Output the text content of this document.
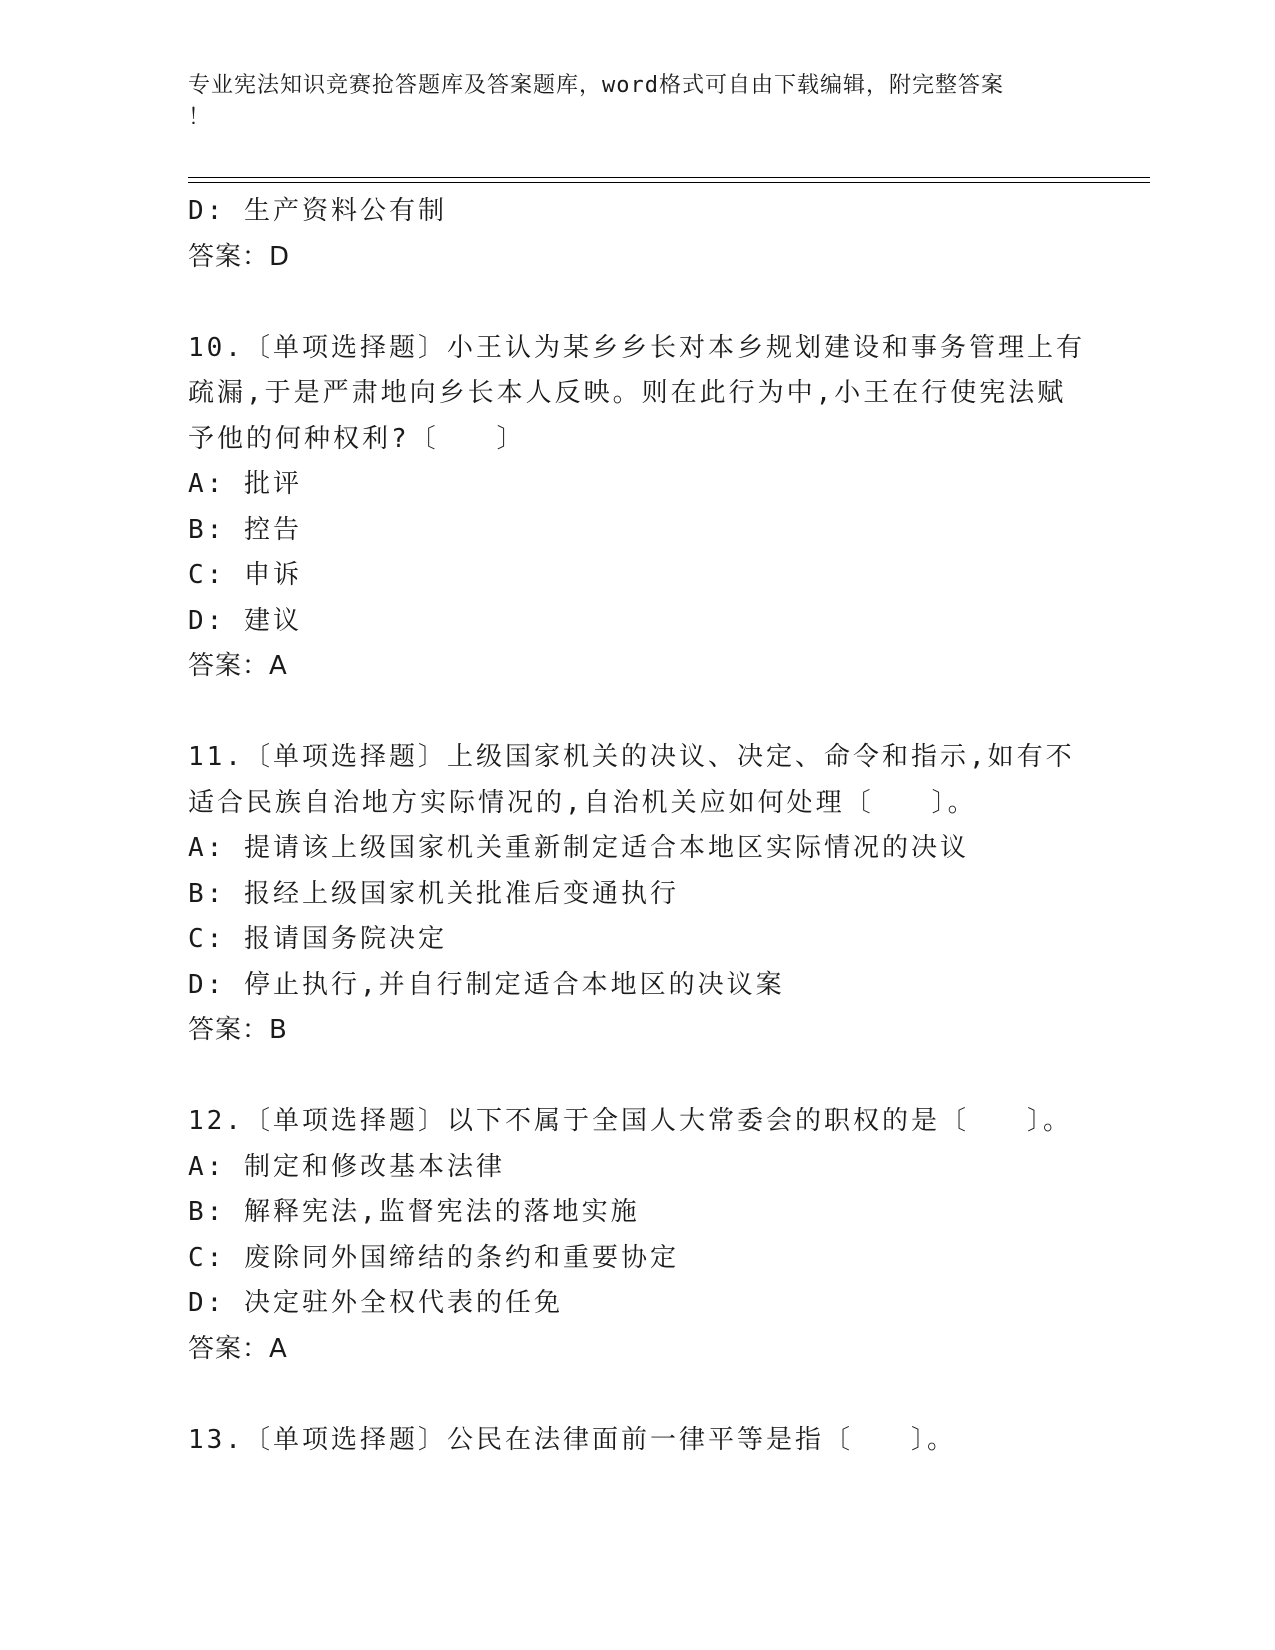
专业宪法知识竞赛抢答题库及答案题库，word格式可自由下载编辑，附完整答案
！

D: 生产资料公有制

答案：D

10.〔单项选择题〕小王认为某乡乡长对本乡规划建设和事务管理上有

疏漏,于是严肃地向乡长本人反映。则在此行为中,小王在行使宪法赋

予他的何种权利?〔　　〕

A: 批评

B: 控告

C: 申诉

D: 建议

答案：A

11.〔单项选择题〕上级国家机关的决议、决定、命令和指示,如有不

适合民族自治地方实际情况的,自治机关应如何处理〔　　〕。

A: 提请该上级国家机关重新制定适合本地区实际情况的决议

B: 报经上级国家机关批准后变通执行

C: 报请国务院决定

D: 停止执行,并自行制定适合本地区的决议案

答案：B

12.〔单项选择题〕以下不属于全国人大常委会的职权的是〔　　〕。

A: 制定和修改基本法律

B: 解释宪法,监督宪法的落地实施

C: 废除同外国缔结的条约和重要协定

D: 决定驻外全权代表的任免

答案：A

13.〔单项选择题〕公民在法律面前一律平等是指〔　　〕。
